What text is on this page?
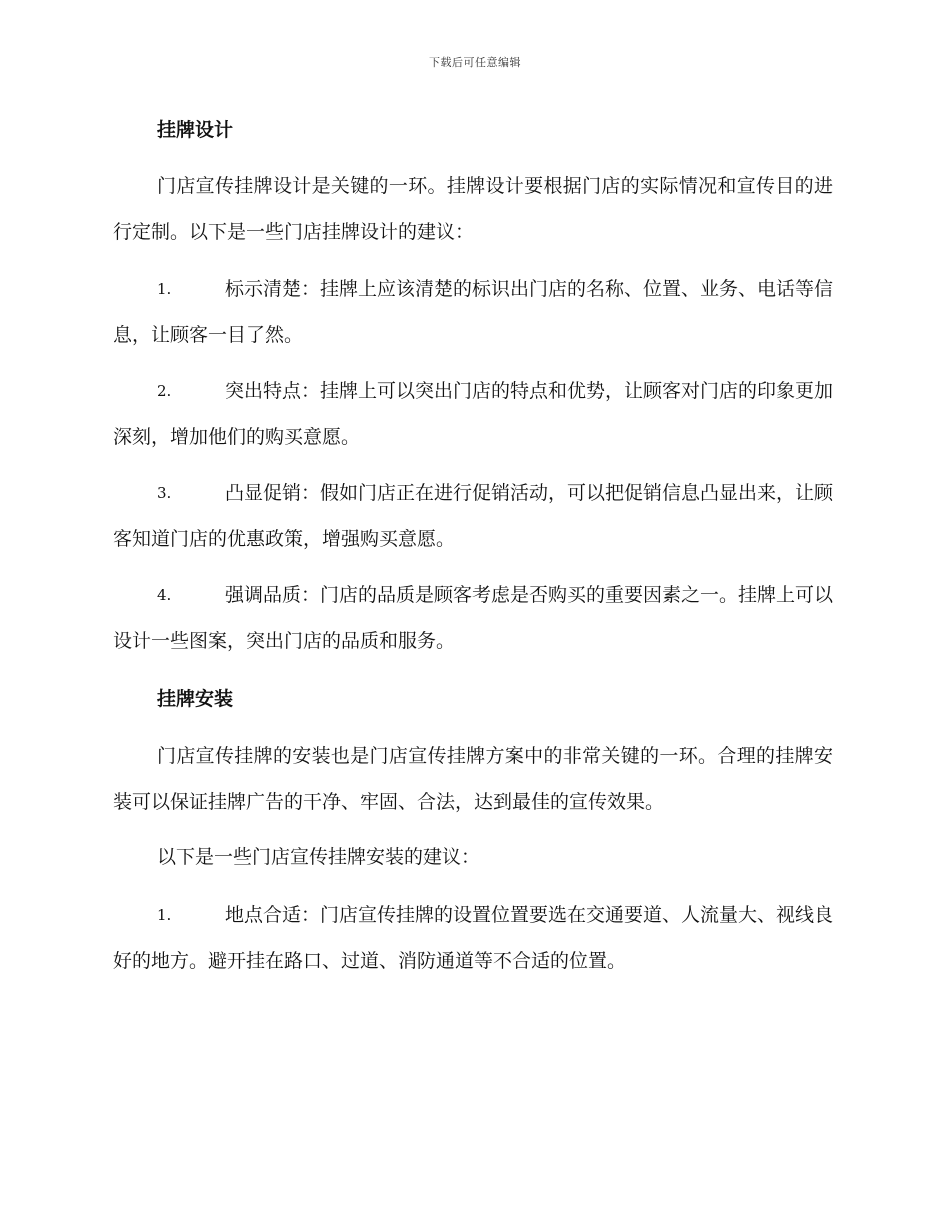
下载后可任意编辑
挂牌设计
门店宣传挂牌设计是关键的一环。挂牌设计要根据门店的实际情况和宣传目的进行定制。以下是一些门店挂牌设计的建议：
1.	标示清楚：挂牌上应该清楚的标识出门店的名称、位置、业务、电话等信息，让顾客一目了然。
2.	突出特点：挂牌上可以突出门店的特点和优势，让顾客对门店的印象更加深刻，增加他们的购买意愿。
3.	凸显促销：假如门店正在进行促销活动，可以把促销信息凸显出来，让顾客知道门店的优惠政策，增强购买意愿。
4.	强调品质：门店的品质是顾客考虑是否购买的重要因素之一。挂牌上可以设计一些图案，突出门店的品质和服务。
挂牌安装
门店宣传挂牌的安装也是门店宣传挂牌方案中的非常关键的一环。合理的挂牌安装可以保证挂牌广告的干净、牢固、合法，达到最佳的宣传效果。
以下是一些门店宣传挂牌安装的建议：
1.	地点合适：门店宣传挂牌的设置位置要选在交通要道、人流量大、视线良好的地方。避开挂在路口、过道、消防通道等不合适的位置。
